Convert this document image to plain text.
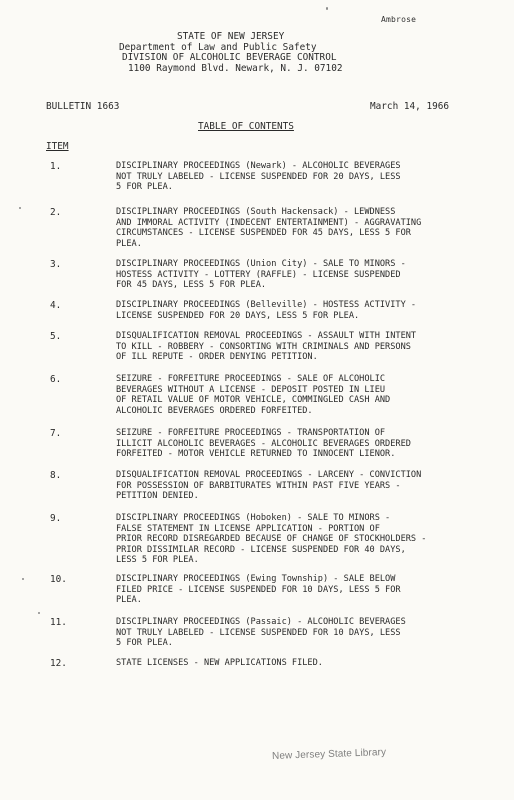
Ambrose
STATE OF NEW JERSEY
Department of Law and Public Safety
DIVISION OF ALCOHOLIC BEVERAGE CONTROL
1100 Raymond Blvd. Newark, N. J. 07102
BULLETIN 1663	March 14, 1966
TABLE OF CONTENTS
ITEM
1.	DISCIPLINARY PROCEEDINGS (Newark) - ALCOHOLIC BEVERAGES
NOT TRULY LABELED - LICENSE SUSPENDED FOR 20 DAYS, LESS
5 FOR PLEA.
2.	DISCIPLINARY PROCEEDINGS (South Hackensack) - LEWDNESS
AND IMMORAL ACTIVITY (INDECENT ENTERTAINMENT) - AGGRAVATING
CIRCUMSTANCES - LICENSE SUSPENDED FOR 45 DAYS, LESS 5 FOR
PLEA.
3.	DISCIPLINARY PROCEEDINGS (Union City) - SALE TO MINORS -
HOSTESS ACTIVITY - LOTTERY (RAFFLE) - LICENSE SUSPENDED
FOR 45 DAYS, LESS 5 FOR PLEA.
4.	DISCIPLINARY PROCEEDINGS (Belleville) - HOSTESS ACTIVITY -
LICENSE SUSPENDED FOR 20 DAYS, LESS 5 FOR PLEA.
5.	DISQUALIFICATION REMOVAL PROCEEDINGS - ASSAULT WITH INTENT
TO KILL - ROBBERY - CONSORTING WITH CRIMINALS AND PERSONS
OF ILL REPUTE - ORDER DENYING PETITION.
6.	SEIZURE - FORFEITURE PROCEEDINGS - SALE OF ALCOHOLIC
BEVERAGES WITHOUT A LICENSE - DEPOSIT POSTED IN LIEU
OF RETAIL VALUE OF MOTOR VEHICLE, COMMINGLED CASH AND
ALCOHOLIC BEVERAGES ORDERED FORFEITED.
7.	SEIZURE - FORFEITURE PROCEEDINGS - TRANSPORTATION OF
ILLICIT ALCOHOLIC BEVERAGES - ALCOHOLIC BEVERAGES ORDERED
FORFEITED - MOTOR VEHICLE RETURNED TO INNOCENT LIENOR.
8.	DISQUALIFICATION REMOVAL PROCEEDINGS - LARCENY - CONVICTION
FOR POSSESSION OF BARBITURATES WITHIN PAST FIVE YEARS -
PETITION DENIED.
9.	DISCIPLINARY PROCEEDINGS (Hoboken) - SALE TO MINORS -
FALSE STATEMENT IN LICENSE APPLICATION - PORTION OF
PRIOR RECORD DISREGARDED BECAUSE OF CHANGE OF STOCKHOLDERS -
PRIOR DISSIMILAR RECORD - LICENSE SUSPENDED FOR 40 DAYS,
LESS 5 FOR PLEA.
10.	DISCIPLINARY PROCEEDINGS (Ewing Township) - SALE BELOW
FILED PRICE - LICENSE SUSPENDED FOR 10 DAYS, LESS 5 FOR
PLEA.
11.	DISCIPLINARY PROCEEDINGS (Passaic) - ALCOHOLIC BEVERAGES
NOT TRULY LABELED - LICENSE SUSPENDED FOR 10 DAYS, LESS
5 FOR PLEA.
12.	STATE LICENSES - NEW APPLICATIONS FILED.
New Jersey State Library
